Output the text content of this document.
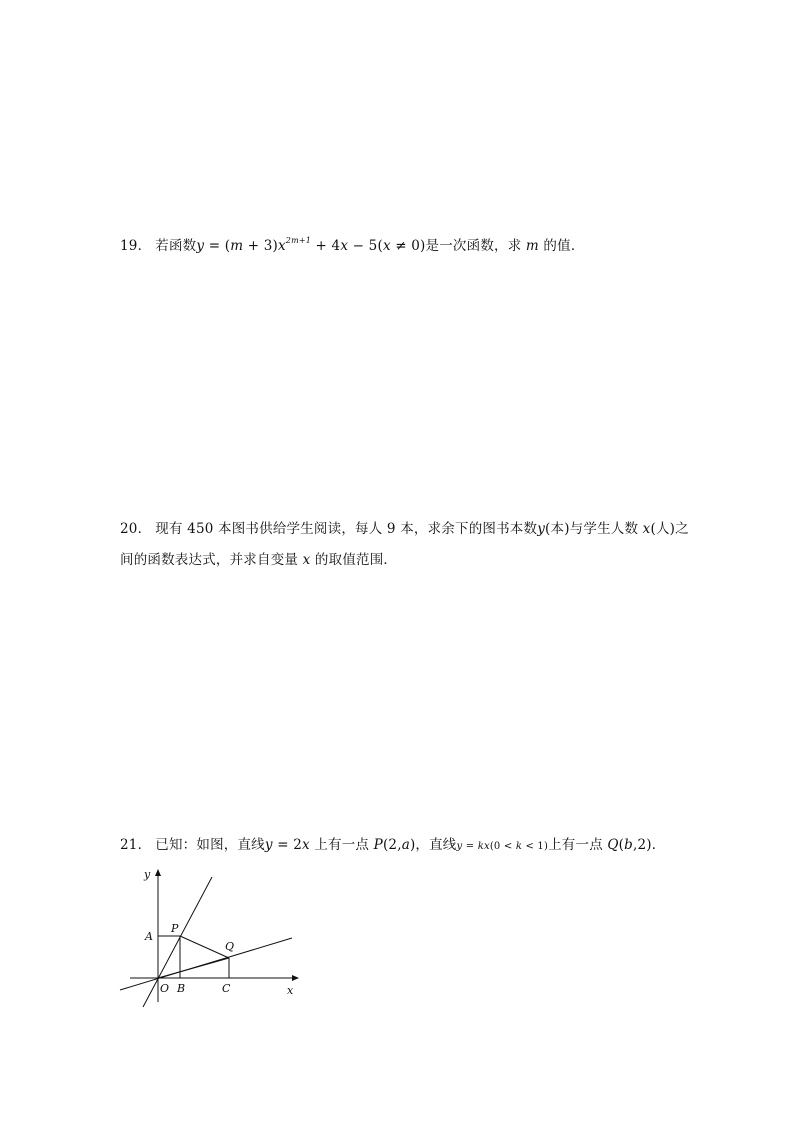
19． 若函数$y = (m + 3)x^{2m+1} + 4x - 5(x \ne 0)$是一次函数，求 m 的值．
20． 现有 450 本图书供给学生阅读，每人 9 本，求余下的图书本数y(本)与学生人数 x(人)之
间的函数表达式，并求自变量 x 的取值范围．
21． 已知：如图，直线y = 2x 上有一点 P(2,a)，直线y = kx(0 < k < 1)上有一点 Q(b,2)．
y
x
A
P
Q
O B	C
